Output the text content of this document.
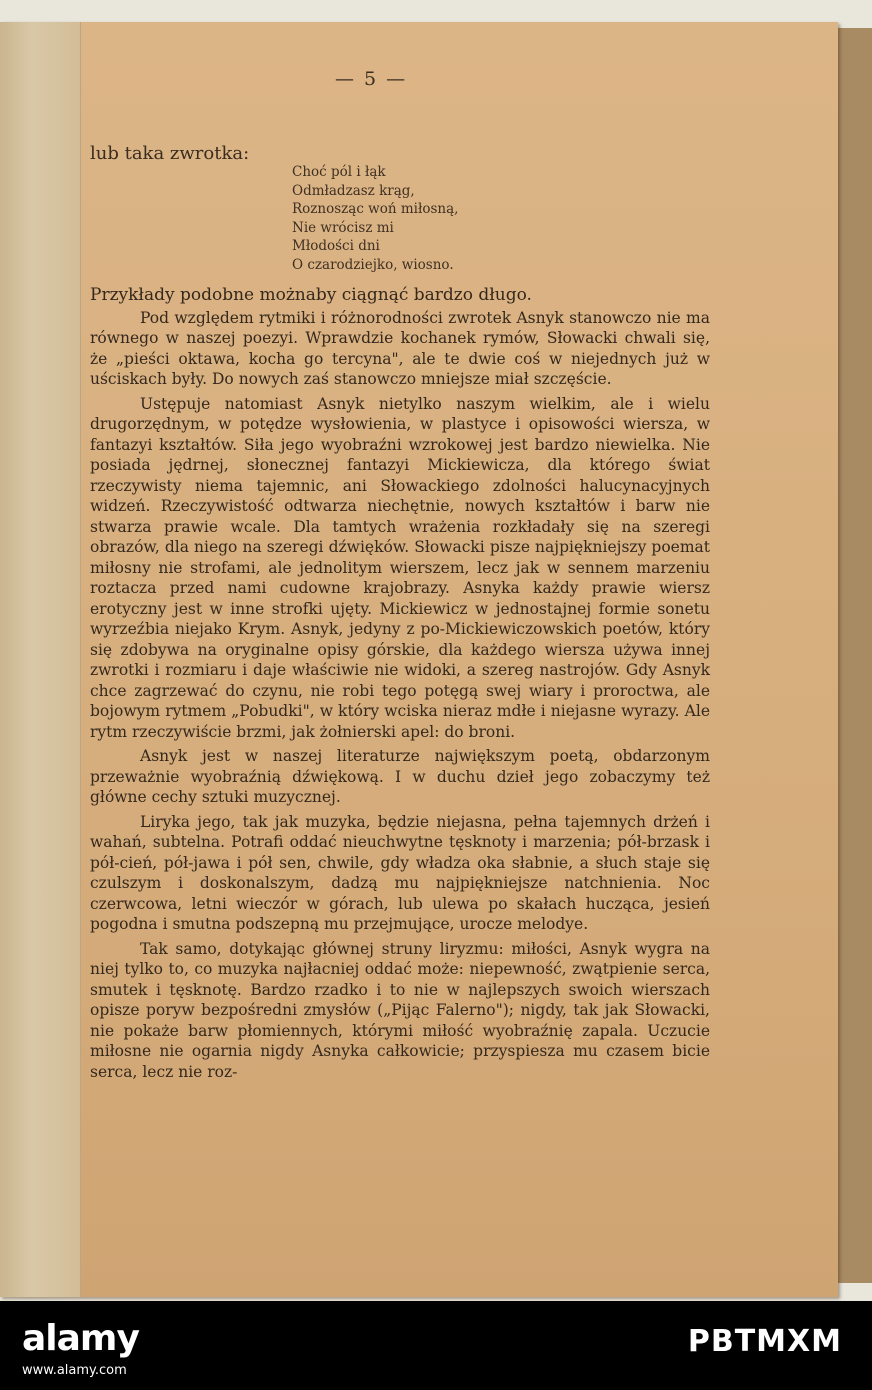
— 5 —
lub taka zwrotka:
Choć pól i łąk
Odmładzasz krąg,
Roznosząc woń miłosną,
Nie wrócisz mi
Młodości dni
O czarodziejko, wiosno.

Przykłady podobne możnaby ciągnąć bardzo długo.

Pod względem rytmiki i różnorodności zwrotek Asnyk stanowczo nie ma równego w naszej poezyi. Wprawdzie kochanek rymów, Słowacki chwali się, że „pieści oktawa, kocha go tercyna", ale te dwie coś w niejednych już w uściskach były. Do nowych zaś stanowczo mniejsze miał szczęście.

Ustępuje natomiast Asnyk nietylko naszym wielkim, ale i wielu drugorzędnym, w potędze wysłowienia, w plastyce i opisowości wiersza, w fantazyi kształtów. Siła jego wyobraźni wzrokowej jest bardzo niewielka. Nie posiada jędrnej, słonecznej fantazyi Mickiewicza, dla którego świat rzeczywisty niema tajemnic, ani Słowackiego zdolności halucynacyjnych widzeń. Rzeczywistość odtwarza niechętnie, nowych kształtów i barw nie stwarza prawie wcale. Dla tamtych wrażenia rozkładały się na szeregi obrazów, dla niego na szeregi dźwięków. Słowacki pisze najpiękniejszy poemat miłosny nie strofami, ale jednolitym wierszem, lecz jak w sennem marzeniu roztacza przed nami cudowne krajobrazy. Asnyka każdy prawie wiersz erotyczny jest w inne strofki ujęty. Mickiewicz w jednostajnej formie sonetu wyrzeźbia niejako Krym. Asnyk, jedyny z po-Mickiewiczowskich poetów, który się zdobywa na oryginalne opisy górskie, dla każdego wiersza używa innej zwrotki i rozmiaru i daje właściwie nie widoki, a szereg nastrojów. Gdy Asnyk chce zagrzewać do czynu, nie robi tego potęgą swej wiary i proroctwa, ale bojowym rytmem „Pobudki", w który wciska nieraz mdłe i niejasne wyrazy. Ale rytm rzeczywiście brzmi, jak żołnierski apel: do broni.

Asnyk jest w naszej literaturze największym poetą, obdarzonym przeważnie wyobraźnią dźwiękową. I w duchu dzieł jego zobaczymy też główne cechy sztuki muzycznej.

Liryka jego, tak jak muzyka, będzie niejasna, pełna tajemnych drżeń i wahań, subtelna. Potrafi oddać nieuchwytne tęsknoty i marzenia; pół-brzask i pół-cień, pół-jawa i pół sen, chwile, gdy władza oka słabnie, a słuch staje się czulszym i doskonalszym, dadzą mu najpiękniejsze natchnienia. Noc czerwcowa, letni wieczór w górach, lub ulewa po skałach hucząca, jesień pogodna i smutna podszepną mu przejmujące, urocze melodye.

Tak samo, dotykając głównej struny liryzmu: miłości, Asnyk wygra na niej tylko to, co muzyka najłacniej oddać może: niepewność, zwątpienie serca, smutek i tęsknotę. Bardzo rzadko i to nie w najlepszych swoich wierszach opisze poryw bezpośredni zmysłów („Pijąc Falerno"); nigdy, tak jak Słowacki, nie pokaże barw płomiennych, którymi miłość wyobraźnię zapala. Uczucie miłosne nie ogarnia nigdy Asnyka całkowicie; przyspiesza mu czasem bicie serca, lecz nie roz-

alamy
www.alamy.com
PBTMXM
